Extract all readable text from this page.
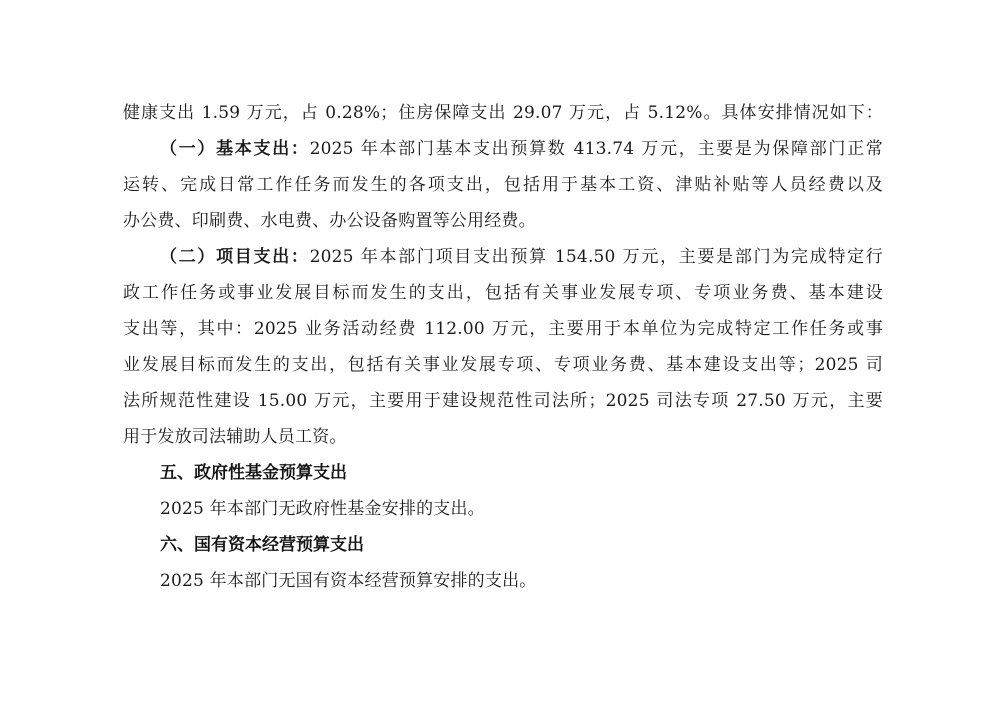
健康支出 1.59 万元，占 0.28%；住房保障支出 29.07 万元，占 5.12%。具体安排情况如下：
（一）基本支出：2025 年本部门基本支出预算数 413.74 万元，主要是为保障部门正常
运转、完成日常工作任务而发生的各项支出，包括用于基本工资、津贴补贴等人员经费以及
办公费、印刷费、水电费、办公设备购置等公用经费。
（二）项目支出：2025 年本部门项目支出预算 154.50 万元，主要是部门为完成特定行
政工作任务或事业发展目标而发生的支出，包括有关事业发展专项、专项业务费、基本建设
支出等，其中：2025 业务活动经费 112.00 万元，主要用于本单位为完成特定工作任务或事
业发展目标而发生的支出，包括有关事业发展专项、专项业务费、基本建设支出等；2025 司
法所规范性建设 15.00 万元，主要用于建设规范性司法所；2025 司法专项 27.50 万元，主要
用于发放司法辅助人员工资。
五、政府性基金预算支出
2025 年本部门无政府性基金安排的支出。
六、国有资本经营预算支出
2025 年本部门无国有资本经营预算安排的支出。
